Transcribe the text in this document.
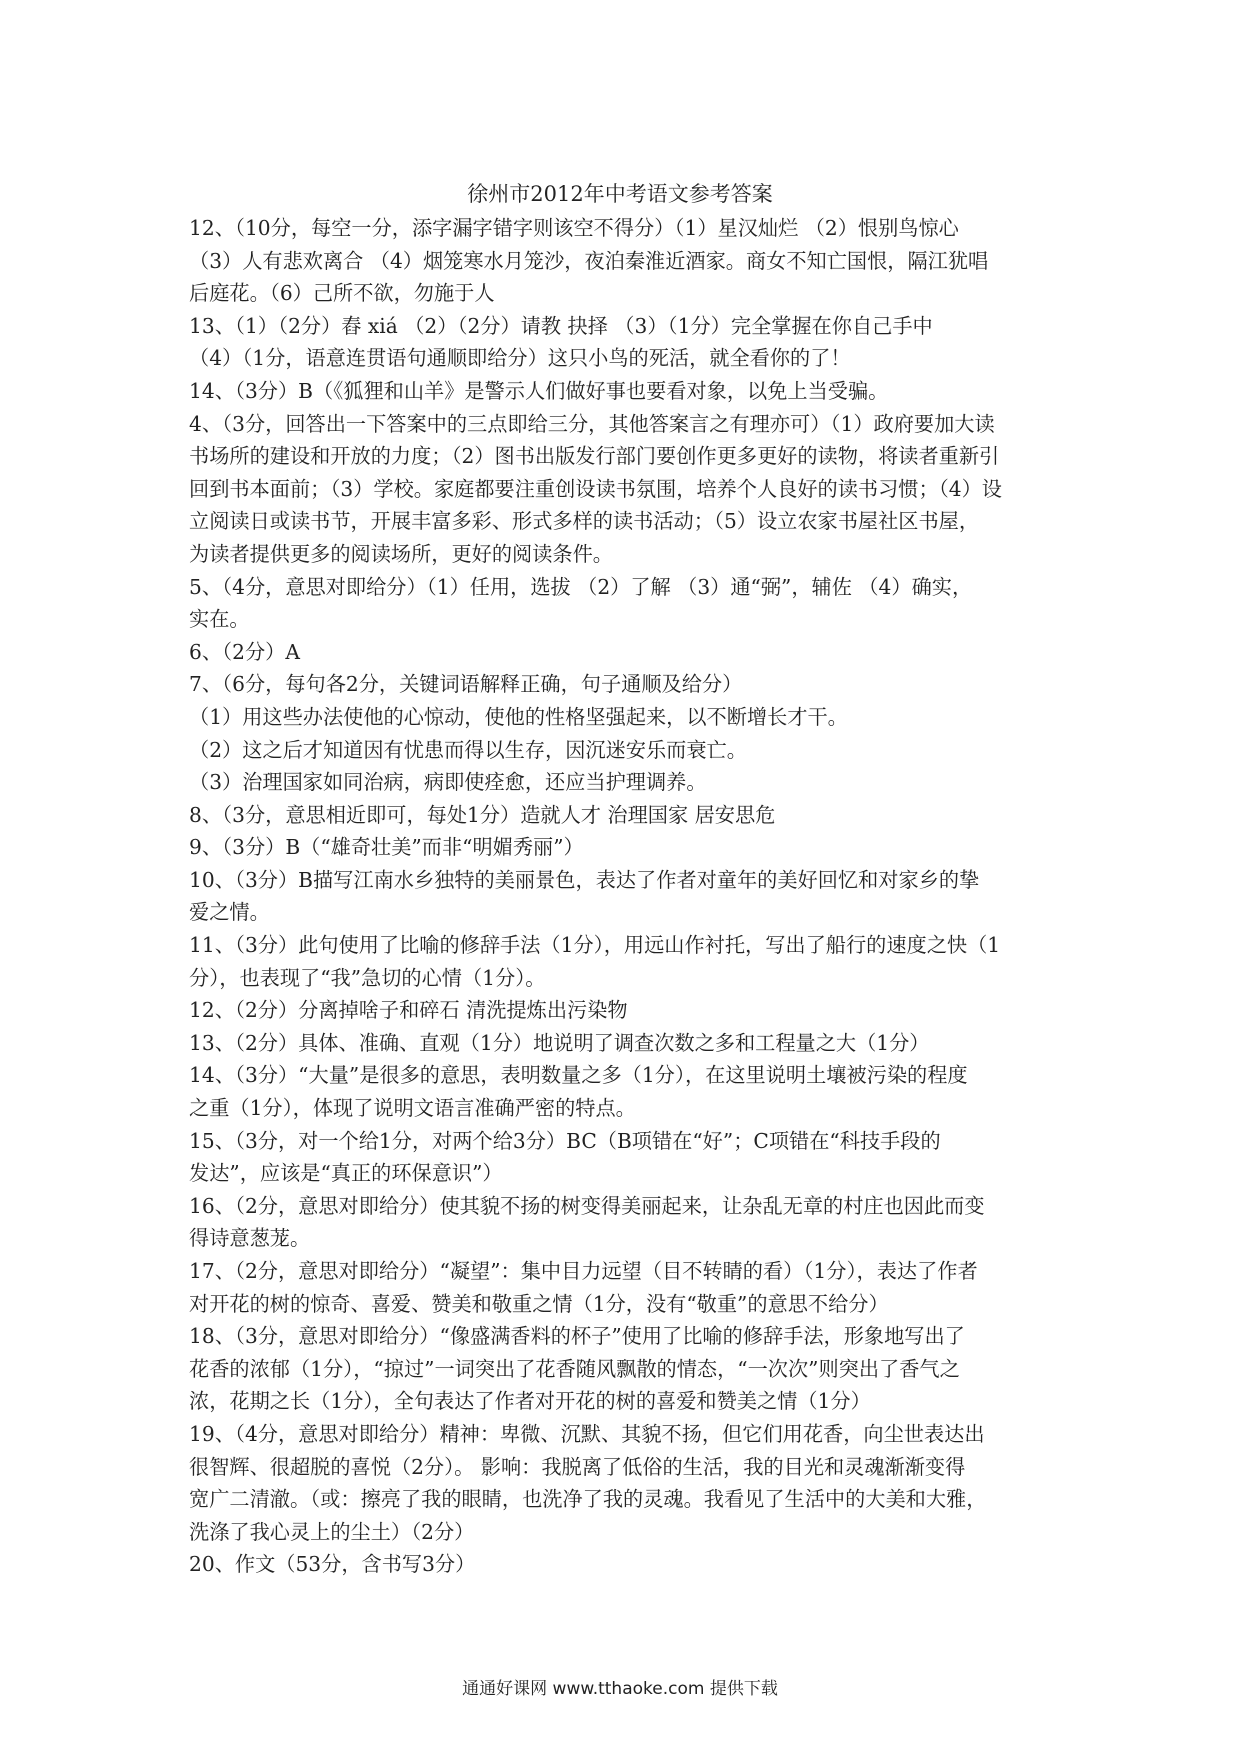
徐州市2012年中考语文参考答案
12、（10分，每空一分，添字漏字错字则该空不得分）（1）星汉灿烂 （2）恨别鸟惊心
（3）人有悲欢离合 （4）烟笼寒水月笼沙，夜泊秦淮近酒家。商女不知亡国恨，隔江犹唱
后庭花。（6）己所不欲，勿施于人
13、（1）（2分）舂 xiá （2）（2分）请教 抉择 （3）（1分）完全掌握在你自己手中
（4）（1分，语意连贯语句通顺即给分）这只小鸟的死活，就全看你的了！
14、（3分）B（《狐狸和山羊》是警示人们做好事也要看对象，以免上当受骗。
4、（3分，回答出一下答案中的三点即给三分，其他答案言之有理亦可）（1）政府要加大读
书场所的建设和开放的力度；（2）图书出版发行部门要创作更多更好的读物，将读者重新引
回到书本面前；（3）学校。家庭都要注重创设读书氛围，培养个人良好的读书习惯；（4）设
立阅读日或读书节，开展丰富多彩、形式多样的读书活动；（5）设立农家书屋社区书屋，
为读者提供更多的阅读场所，更好的阅读条件。
5、（4分，意思对即给分）（1）任用，选拔 （2）了解 （3）通“弼”，辅佐 （4）确实，
实在。
6、（2分）A
7、（6分，每句各2分，关键词语解释正确，句子通顺及给分）
（1）用这些办法使他的心惊动，使他的性格坚强起来，以不断增长才干。
（2）这之后才知道因有忧患而得以生存，因沉迷安乐而衰亡。
（3）治理国家如同治病，病即使痊愈，还应当护理调养。
8、（3分，意思相近即可，每处1分）造就人才 治理国家 居安思危
9、（3分）B（“雄奇壮美”而非“明媚秀丽”）
10、（3分）B描写江南水乡独特的美丽景色，表达了作者对童年的美好回忆和对家乡的挚
爱之情。
11、（3分）此句使用了比喻的修辞手法（1分），用远山作衬托，写出了船行的速度之快（1
分），也表现了“我”急切的心情（1分）。
12、（2分）分离掉啥子和碎石 清洗提炼出污染物
13、（2分）具体、准确、直观（1分）地说明了调查次数之多和工程量之大（1分）
14、（3分）“大量”是很多的意思，表明数量之多（1分），在这里说明土壤被污染的程度
之重（1分），体现了说明文语言准确严密的特点。
15、（3分，对一个给1分，对两个给3分）BC（B项错在“好”；C项错在“科技手段的
发达”，应该是“真正的环保意识”）
16、（2分，意思对即给分）使其貌不扬的树变得美丽起来，让杂乱无章的村庄也因此而变
得诗意葱茏。
17、（2分，意思对即给分）“凝望”：集中目力远望（目不转睛的看）（1分），表达了作者
对开花的树的惊奇、喜爱、赞美和敬重之情（1分，没有“敬重”的意思不给分）
18、（3分，意思对即给分）“像盛满香料的杯子”使用了比喻的修辞手法，形象地写出了
花香的浓郁（1分），“掠过”一词突出了花香随风飘散的情态，“一次次”则突出了香气之
浓，花期之长（1分），全句表达了作者对开花的树的喜爱和赞美之情（1分）
19、（4分，意思对即给分）精神：卑微、沉默、其貌不扬，但它们用花香，向尘世表达出
很智辉、很超脱的喜悦（2分）。 影响：我脱离了低俗的生活，我的目光和灵魂渐渐变得
宽广二清澈。（或：擦亮了我的眼睛，也洗净了我的灵魂。我看见了生活中的大美和大雅，
洗涤了我心灵上的尘土）（2分）
20、作文（53分，含书写3分）
通通好课网 www.tthaoke.com 提供下载
